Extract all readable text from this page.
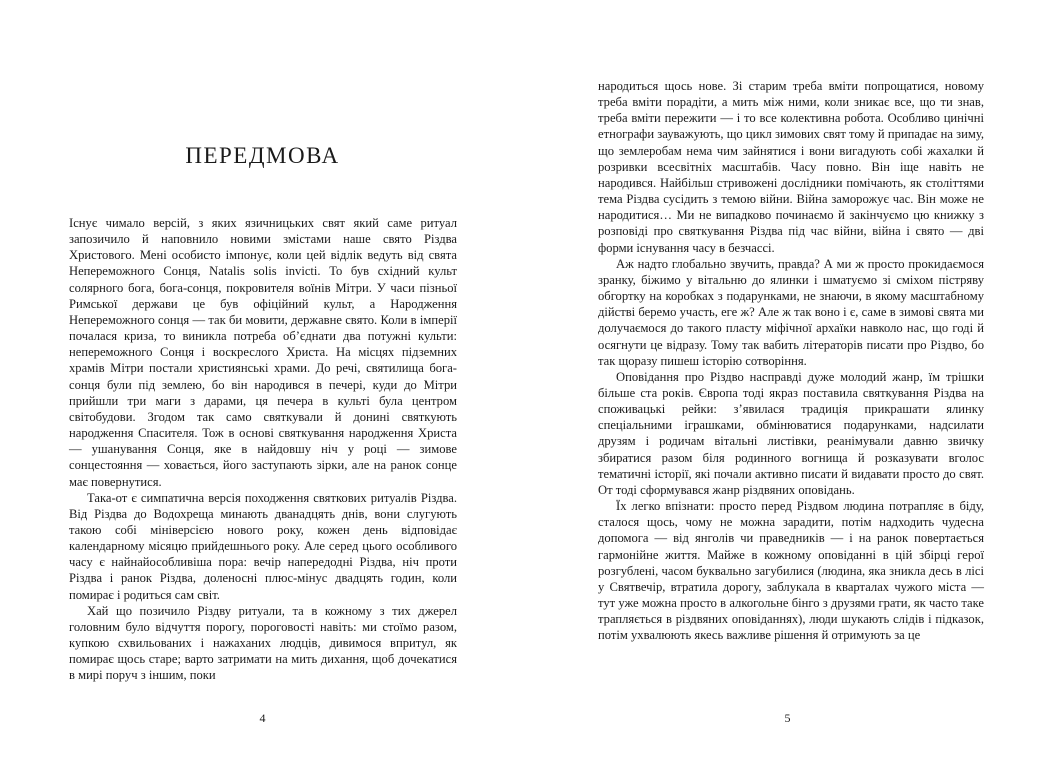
ПЕРЕДМОВА

Існує чимало версій, з яких язичницьких свят який саме ритуал запозичило й наповнило новими змістами наше свято Різдва Христового. Мені особисто імпонує, коли цей відлік ведуть від свята Непереможного Сонця, Natalis solis invicti. То був східний культ солярного бога, бога-сонця, покровителя воїнів Мітри. У часи пізньої Римської держави це був офіційний культ, а Народження Непереможного сонця — так би мовити, державне свято. Коли в імперії почалася криза, то виникла потреба об’єднати два потужні культи: непереможного Сонця і воскреслого Христа. На місцях підземних храмів Мітри постали християнські храми. До речі, святилища бога-сонця були під землею, бо він народився в печері, куди до Мітри прийшли три маги з дарами, ця печера в культі була центром світобудови. Згодом так само святкували й донині святкують народження Спасителя. Тож в основі святкування народження Христа — ушанування Сонця, яке в найдовшу ніч у році — зимове сонцестояння — ховається, його заступають зірки, але на ранок сонце має повернутися.

Така-от є симпатична версія походження святкових ритуалів Різдва. Від Різдва до Водохреща минають дванадцять днів, вони слугують такою собі мініверсією нового року, кожен день відповідає календарному місяцю прийдешнього року. Але серед цього особливого часу є найнайособливіша пора: вечір напередодні Різдва, ніч проти Різдва і ранок Різдва, доленосні плюс-мінус двадцять годин, коли помирає і родиться сам світ.

Хай що позичило Різдву ритуали, та в кожному з тих джерел головним було відчуття порогу, пороговості навіть: ми стоїмо разом, купкою схвильованих і нажаханих людців, дивимося впритул, як помирає щось старе; варто затримати на мить дихання, щоб дочекатися в мирі поруч з іншим, поки

4

народиться щось нове. Зі старим треба вміти попрощатися, новому треба вміти порадіти, а мить між ними, коли зникає все, що ти знав, треба вміти пережити — і то все колективна робота. Особливо цинічні етнографи зауважують, що цикл зимових свят тому й припадає на зиму, що землеробам нема чим зайнятися і вони вигадують собі жахалки й розривки всесвітніх масштабів. Часу повно. Він іще навіть не народився. Найбільш стривожені дослідники помічають, як століттями тема Різдва сусідить з темою війни. Війна заморожує час. Він може не народитися… Ми не випадково починаємо й закінчуємо цю книжку з розповіді про святкування Різдва під час війни, війна і свято — дві форми існування часу в безчассі.

Аж надто глобально звучить, правда? А ми ж просто прокидаємося зранку, біжимо у вітальню до ялинки і шматуємо зі сміхом пістряву обгортку на коробках з подарунками, не знаючи, в якому масштабному дійстві беремо участь, еге ж? Але ж так воно і є, саме в зимові свята ми долучаємося до такого пласту міфічної архаїки навколо нас, що годі й осягнути це відразу. Тому так вабить літераторів писати про Різдво, бо так щоразу пишеш історію сотворіння.

Оповідання про Різдво насправді дуже молодий жанр, їм трішки більше ста років. Європа тоді якраз поставила святкування Різдва на споживацькі рейки: з’явилася традиція прикрашати ялинку спеціальними іграшками, обмінюватися подарунками, надсилати друзям і родичам вітальні листівки, реанімували давню звичку збиратися разом біля родинного вогнища й розказувати вголос тематичні історії, які почали активно писати й видавати просто до свят. От тоді сформувався жанр різдвяних оповідань.

Їх легко впізнати: просто перед Різдвом людина потрапляє в біду, сталося щось, чому не можна зарадити, потім надходить чудесна допомога — від янголів чи праведників — і на ранок повертається гармонійне життя. Майже в кожному оповіданні в цій збірці герої розгублені, часом буквально загубилися (людина, яка зникла десь в лісі у Святвечір, втратила дорогу, заблукала в кварталах чужого міста — тут уже можна просто в алкогольне бінго з друзями грати, як часто таке трапляється в різдвяних оповіданнях), люди шукають слідів і підказок, потім ухвалюють якесь важливе рішення й отримують за це

5
